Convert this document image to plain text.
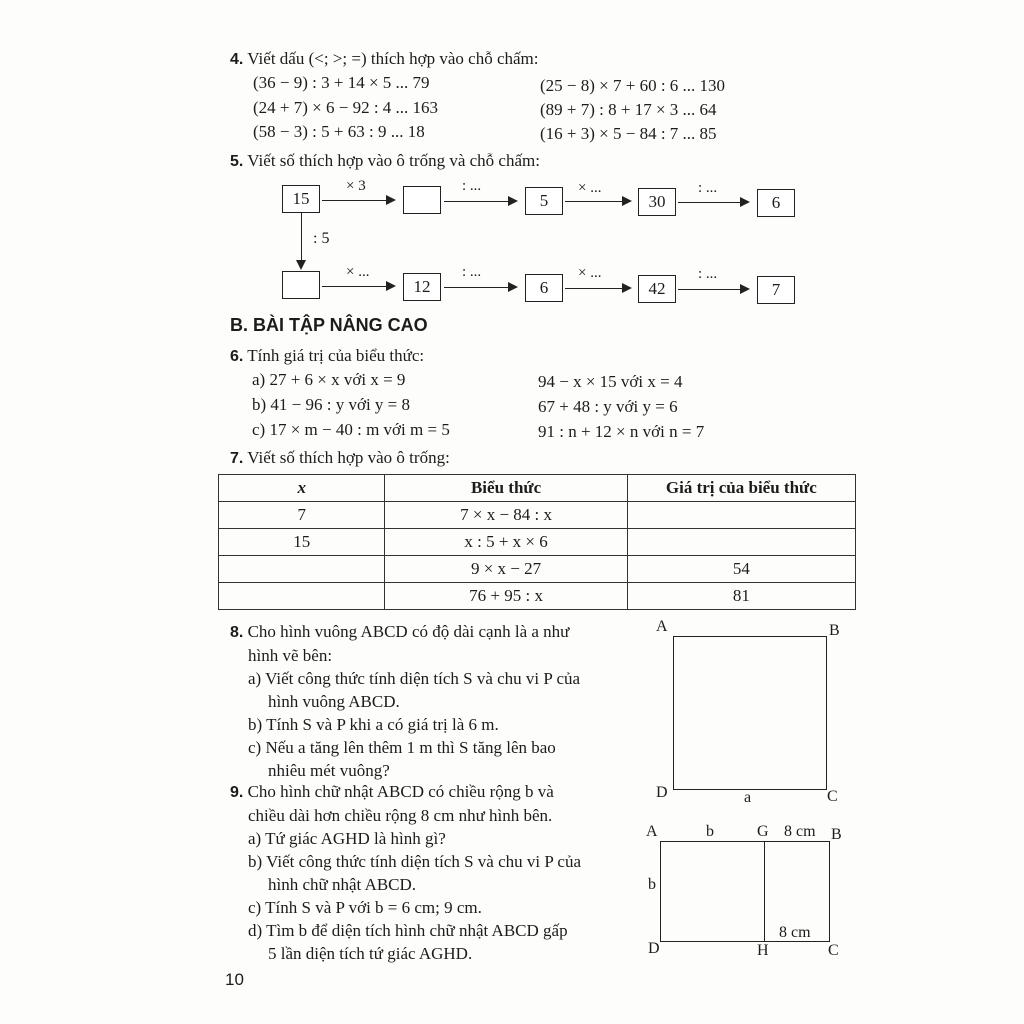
4. Viết dấu (<; >; =) thích hợp vào chỗ chấm:
(36 − 9) : 3 + 14 × 5 ... 79
(24 + 7) × 6 − 92 : 4 ... 163
(58 − 3) : 5 + 63 : 9 ... 18
(25 − 8) × 7 + 60 : 6 ... 130
(89 + 7) : 8 + 17 × 3 ... 64
(16 + 3) × 5 − 84 : 7 ... 85
5. Viết số thích hợp vào ô trống và chỗ chấm:
15
× 3	: ...
5
× ...
30
: ...
6
: 5
× ...
12
: ...
6
× ...
42
: ...
7
B. BÀI TẬP NÂNG CAO
6. Tính giá trị của biểu thức:
a) 27 + 6 × x với x = 9
b) 41 − 96 : y với y = 8
c) 17 × m − 40 : m với m = 5
94 − x × 15 với x = 4
67 + 48 : y với y = 6
91 : n + 12 × n với n = 7
7. Viết số thích hợp vào ô trống:
x	Biểu thức	Giá trị của biểu thức
7	7 × x − 84 : x	
15	x : 5 + x × 6	
	9 × x − 27	54
	76 + 95 : x	81
8. Cho hình vuông ABCD có độ dài cạnh là a như
hình vẽ bên:
a) Viết công thức tính diện tích S và chu vi P của
hình vuông ABCD.
b) Tính S và P khi a có giá trị là 6 m.
c) Nếu a tăng lên thêm 1 m thì S tăng lên bao
nhiêu mét vuông?
A	B
D	C
a
9. Cho hình chữ nhật ABCD có chiều rộng b và
chiều dài hơn chiều rộng 8 cm như hình bên.
a) Tứ giác AGHD là hình gì?
b) Viết công thức tính diện tích S và chu vi P của
hình chữ nhật ABCD.
c) Tính S và P với b = 6 cm; 9 cm.
d) Tìm b để diện tích hình chữ nhật ABCD gấp
5 lần diện tích tứ giác AGHD.
A	b	G 8 cm B
b
8 cm
D	H	C
10
